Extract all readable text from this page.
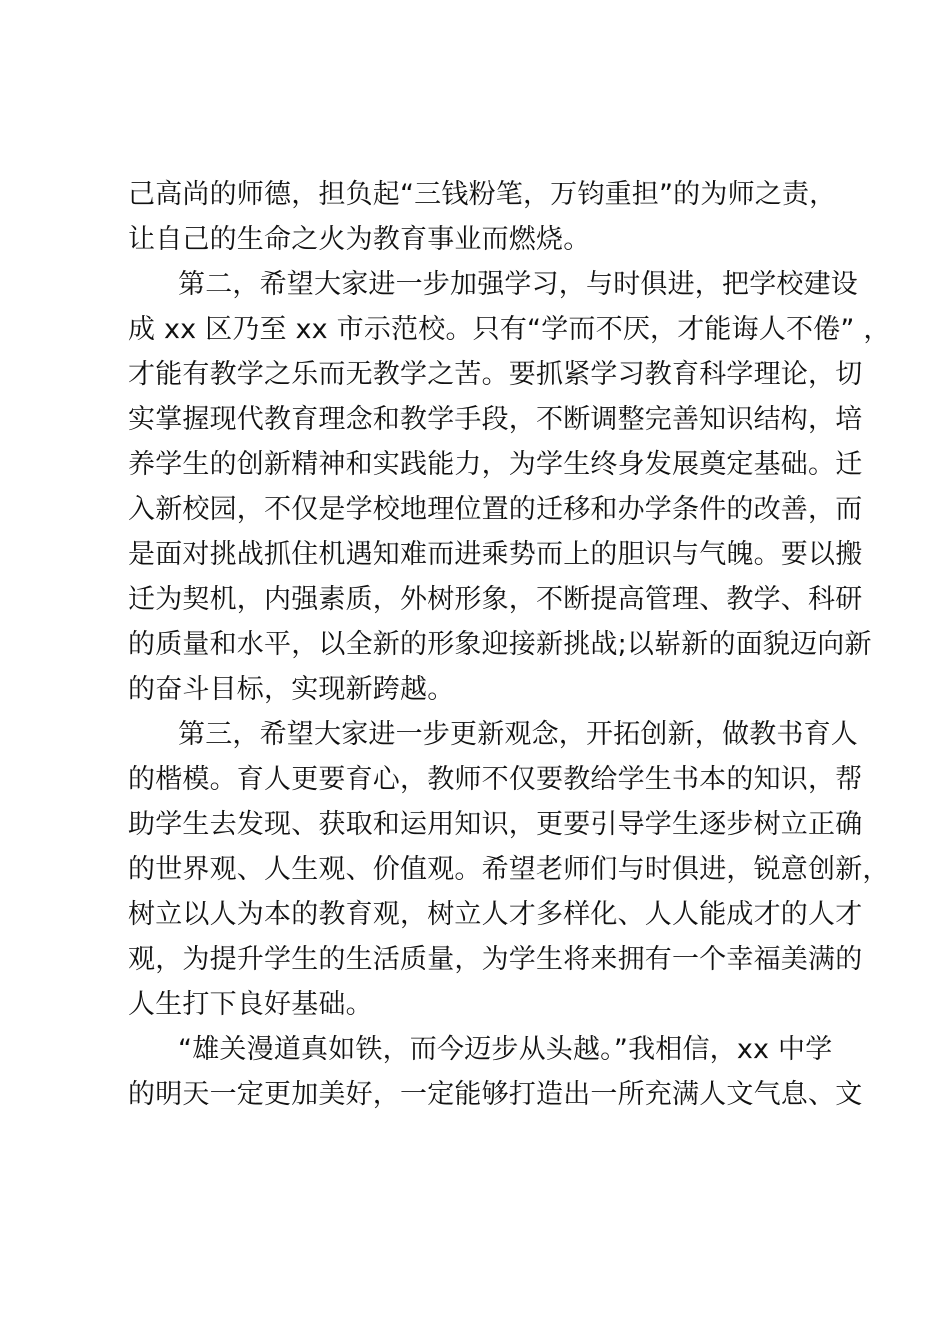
己高尚的师德，担负起“三钱粉笔，万钧重担”的为师之责，
让自己的生命之火为教育事业而燃烧。
第二，希望大家进一步加强学习，与时俱进，把学校建设
成 xx 区乃至 xx 市示范校。只有“学而不厌，才能诲人不倦” ，
才能有教学之乐而无教学之苦。要抓紧学习教育科学理论，切
实掌握现代教育理念和教学手段，不断调整完善知识结构，培
养学生的创新精神和实践能力，为学生终身发展奠定基础。迁
入新校园，不仅是学校地理位置的迁移和办学条件的改善，而
是面对挑战抓住机遇知难而进乘势而上的胆识与气魄。要以搬
迁为契机，内强素质，外树形象，不断提高管理、教学、科研
的质量和水平，以全新的形象迎接新挑战;以崭新的面貌迈向新
的奋斗目标，实现新跨越。
第三，希望大家进一步更新观念，开拓创新，做教书育人
的楷模。育人更要育心，教师不仅要教给学生书本的知识，帮
助学生去发现、获取和运用知识，更要引导学生逐步树立正确
的世界观、人生观、价值观。希望老师们与时俱进，锐意创新，
树立以人为本的教育观，树立人才多样化、人人能成才的人才
观，为提升学生的生活质量，为学生将来拥有一个幸福美满的
人生打下良好基础。
“雄关漫道真如铁，而今迈步从头越。”我相信，xx 中学
的明天一定更加美好，一定能够打造出一所充满人文气息、文
